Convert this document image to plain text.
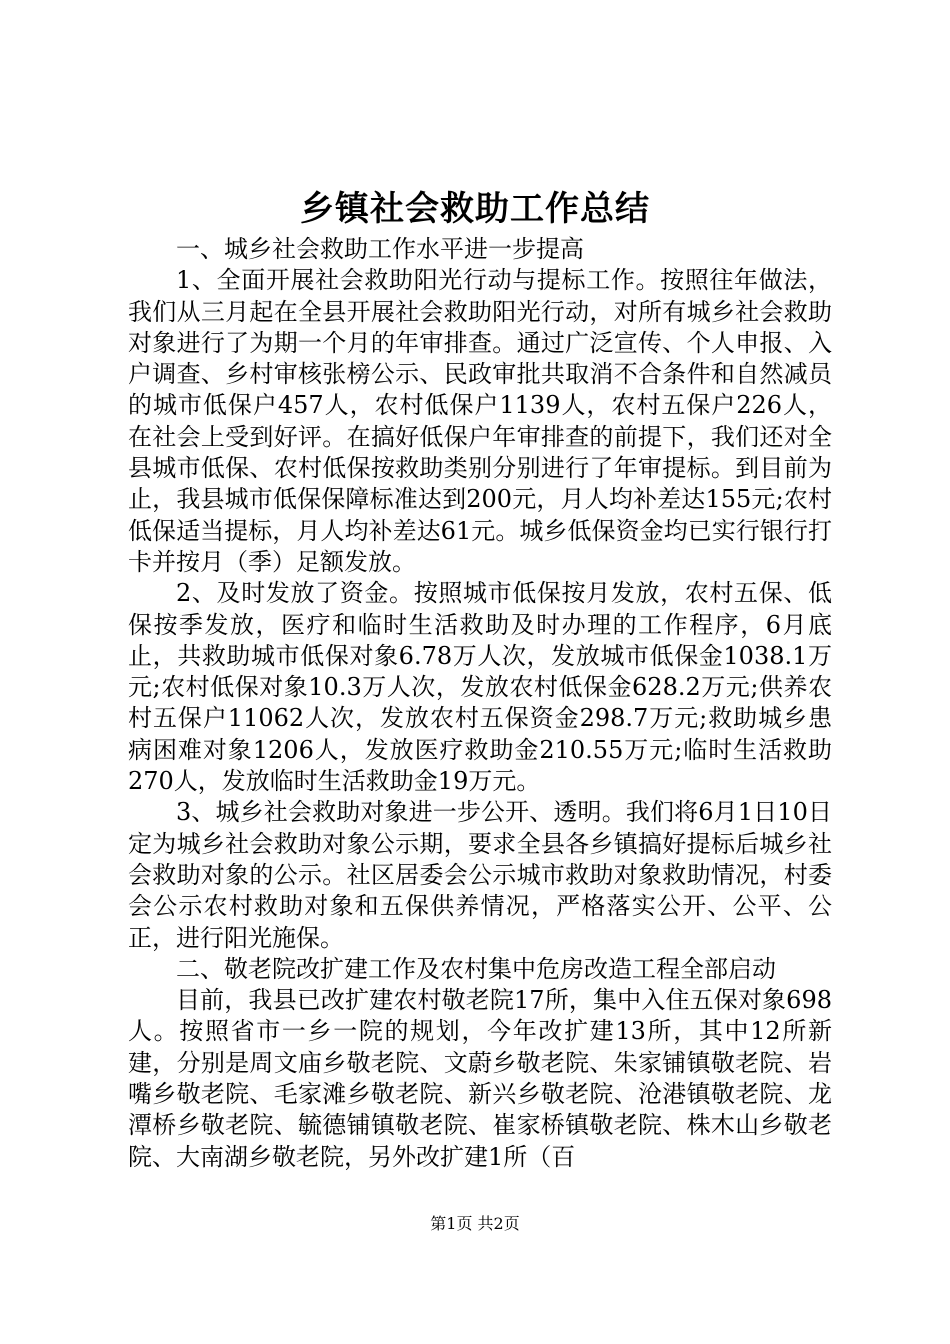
乡镇社会救助工作总结

一、城乡社会救助工作水平进一步提高

1、全面开展社会救助阳光行动与提标工作。按照往年做法，我们从三月起在全县开展社会救助阳光行动，对所有城乡社会救助对象进行了为期一个月的年审排查。通过广泛宣传、个人申报、入户调查、乡村审核张榜公示、民政审批共取消不合条件和自然减员的城市低保户457人，农村低保户1139人，农村五保户226人，在社会上受到好评。在搞好低保户年审排查的前提下，我们还对全县城市低保、农村低保按救助类别分别进行了年审提标。到目前为止，我县城市低保保障标准达到200元，月人均补差达155元;农村低保适当提标，月人均补差达61元。城乡低保资金均已实行银行打卡并按月（季）足额发放。

2、及时发放了资金。按照城市低保按月发放，农村五保、低保按季发放，医疗和临时生活救助及时办理的工作程序，6月底止，共救助城市低保对象6.78万人次，发放城市低保金1038.1万元;农村低保对象10.3万人次，发放农村低保金628.2万元;供养农村五保户11062人次，发放农村五保资金298.7万元;救助城乡患病困难对象1206人，发放医疗救助金210.55万元;临时生活救助270人，发放临时生活救助金19万元。

3、城乡社会救助对象进一步公开、透明。我们将6月1日10日定为城乡社会救助对象公示期，要求全县各乡镇搞好提标后城乡社会救助对象的公示。社区居委会公示城市救助对象救助情况，村委会公示农村救助对象和五保供养情况，严格落实公开、公平、公正，进行阳光施保。

二、敬老院改扩建工作及农村集中危房改造工程全部启动

目前，我县已改扩建农村敬老院17所，集中入住五保对象698人。按照省市一乡一院的规划，今年改扩建13所，其中12所新建，分别是周文庙乡敬老院、文蔚乡敬老院、朱家铺镇敬老院、岩嘴乡敬老院、毛家滩乡敬老院、新兴乡敬老院、沧港镇敬老院、龙潭桥乡敬老院、毓德铺镇敬老院、崔家桥镇敬老院、株木山乡敬老院、大南湖乡敬老院，另外改扩建1所（百

第1页 共2页
